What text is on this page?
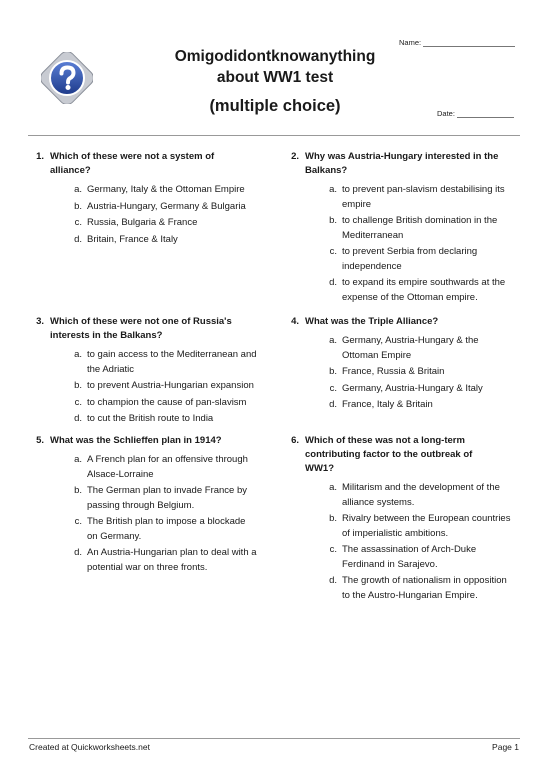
Omigodidontknowanything
about WW1 test
(multiple choice)
Name:
Date:
1. Which of these were not a system of
alliance?
a. Germany, Italy & the Ottoman Empire
b. Austria-Hungary, Germany & Bulgaria
c. Russia, Bulgaria & France
d. Britain, France & Italy
2. Why was Austria-Hungary interested in the
Balkans?
a. to prevent pan-slavism destabilising its
empire
b. to challenge British domination in the
Mediterranean
c. to prevent Serbia from declaring
independence
d. to expand its empire southwards at the
expense of the Ottoman empire.
3. Which of these were not one of Russia's
interests in the Balkans?
a. to gain access to the Mediterranean and
the Adriatic
b. to prevent Austria-Hungarian expansion
c. to champion the cause of pan-slavism
d. to cut the British route to India
4. What was the Triple Alliance?
a. Germany, Austria-Hungary & the
Ottoman Empire
b. France, Russia & Britain
c. Germany, Austria-Hungary & Italy
d. France, Italy & Britain
5. What was the Schlieffen plan in 1914?
a. A French plan for an offensive through
Alsace-Lorraine
b. The German plan to invade France by
passing through Belgium.
c. The British plan to impose a blockade
on Germany.
d. An Austria-Hungarian plan to deal with a
potential war on three fronts.
6. Which of these was not a long-term
contributing factor to the outbreak of
WW1?
a. Militarism and the development of the
alliance systems.
b. Rivalry between the European countries
of imperialistic ambitions.
c. The assassination of Arch-Duke
Ferdinand in Sarajevo.
d. The growth of nationalism in opposition
to the Austro-Hungarian Empire.
Created at Quickworksheets.net	Page 1
